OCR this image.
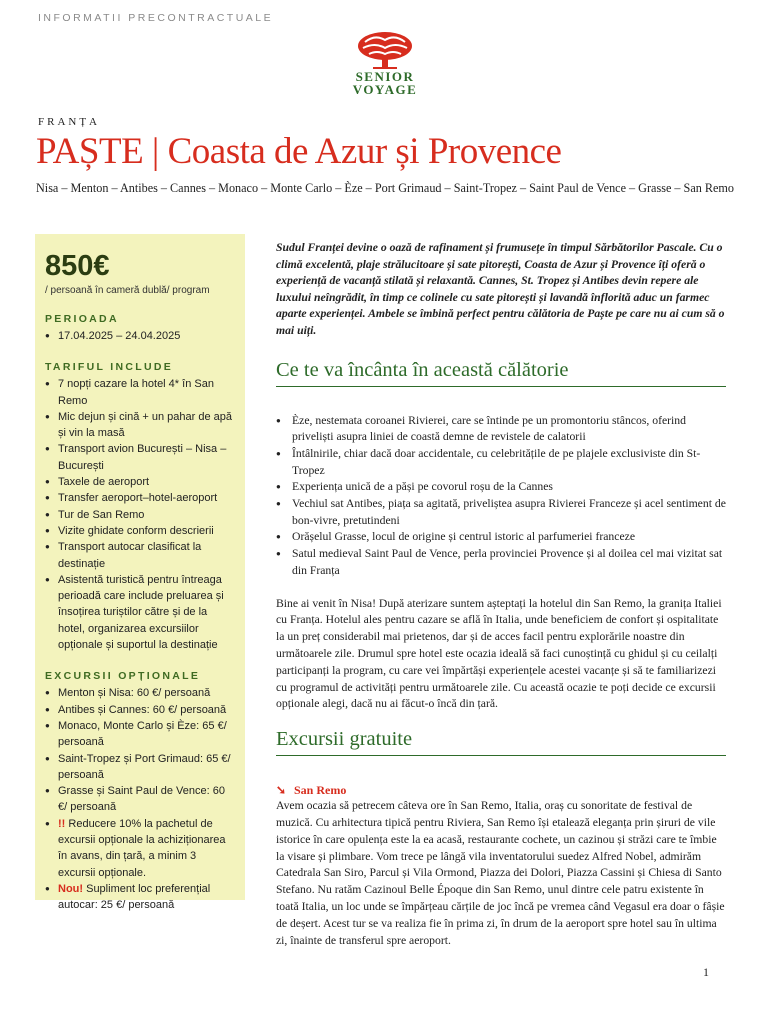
INFORMATII PRECONTRACTUALE
SENIOR
VOYAGE
FRANȚA
PAȘTE | Coasta de Azur și Provence
Nisa – Menton – Antibes – Cannes – Monaco – Monte Carlo – Èze – Port Grimaud – Saint-Tropez – Saint Paul de Vence – Grasse – San Remo
850€
/ persoană în cameră dublă/ program
PERIOADA
● 17.04.2025 – 24.04.2025
TARIFUL INCLUDE
● 7 nopți cazare la hotel 4* în San Remo
● Mic dejun și cină + un pahar de apă și vin la masă
● Transport avion București – Nisa – București
● Taxele de aeroport
● Transfer aeroport–hotel-aeroport
● Tur de San Remo
● Vizite ghidate conform descrierii
● Transport autocar clasificat la destinație
● Asistentă turistică pentru întreaga perioadă care include preluarea și însoțirea turiștilor către și de la hotel, organizarea excursiilor opționale și suportul la destinație
EXCURSII OPȚIONALE
● Menton și Nisa: 60 €/ persoană
● Antibes și Cannes: 60 €/ persoană
● Monaco, Monte Carlo și Èze: 65 €/ persoană
● Saint-Tropez și Port Grimaud: 65 €/ persoană
● Grasse și Saint Paul de Vence: 60 €/ persoană
● !! Reducere 10% la pachetul de excursii opționale la achiziționarea în avans, din țară, a minim 3 excursii opționale.
● Nou! Supliment loc preferențial autocar: 25 €/ persoană

Sudul Franței devine o oază de rafinament și frumusețe în timpul Sărbătorilor Pascale. Cu o climă excelentă, plaje strălucitoare și sate pitorești, Coasta de Azur și Provence îți oferă o experiență de vacanță stilată și relaxantă. Cannes, St. Tropez și Antibes devin repere ale luxului neîngrădit, în timp ce colinele cu sate pitorești și lavandă înflorită aduc un farmec aparte experienței. Ambele se îmbină perfect pentru călătoria de Paște pe care nu ai cum să o mai uiți.

Ce te va încânta în această călătorie
● Èze, nestemata coroanei Rivierei, care se întinde pe un promontoriu stâncos, oferind priveliști asupra liniei de coastă demne de revistele de calatorii
● Întâlnirile, chiar dacă doar accidentale, cu celebritățile de pe plajele exclusiviste din St-Tropez
● Experiența unică de a păși pe covorul roșu de la Cannes
● Vechiul sat Antibes, piața sa agitată, priveliștea asupra Rivierei Franceze și acel sentiment de bon-vivre, pretutindeni
● Orășelul Grasse, locul de origine și centrul istoric al parfumeriei franceze
● Satul medieval Saint Paul de Vence, perla provinciei Provence și al doilea cel mai vizitat sat din Franța

Bine ai venit în Nisa! După aterizare suntem așteptați la hotelul din San Remo, la granița Italiei cu Franța. Hotelul ales pentru cazare se află în Italia, unde beneficiem de confort și ospitalitate la un preț considerabil mai prietenos, dar și de acces facil pentru explorările noastre din următoarele zile. Drumul spre hotel este ocazia ideală să faci cunoștință cu ghidul și cu ceilalți participanți la program, cu care vei împărtăși experiențele acestei vacanțe și să te familiarizezi cu programul de activități pentru următoarele zile. Cu această ocazie te poți decide ce excursii opționale alegi, dacă nu ai făcut-o încă din țară.

Excursii gratuite
➘ San Remo

Avem ocazia să petrecem câteva ore în San Remo, Italia, oraș cu sonoritate de festival de muzică. Cu arhitectura tipică pentru Riviera, San Remo își etalează eleganța prin șiruri de vile istorice în care opulența este la ea acasă, restaurante cochete, un cazinou și străzi care te îmbie la visare și plimbare. Vom trece pe lângă vila inventatorului suedez Alfred Nobel, admirăm Catedrala San Siro, Parcul și Vila Ormond, Piazza dei Dolori, Piazza Cassini și Chiesa di Santo Stefano. Nu ratăm Cazinoul Belle Époque din San Remo, unul dintre cele patru existente în toată Italia, un loc unde se împărțeau cărțile de joc încă pe vremea când Vegasul era doar o fâșie de deșert. Acest tur se va realiza fie în prima zi, în drum de la aeroport spre hotel sau în ultima zi, înainte de transferul spre aeroport.

1
